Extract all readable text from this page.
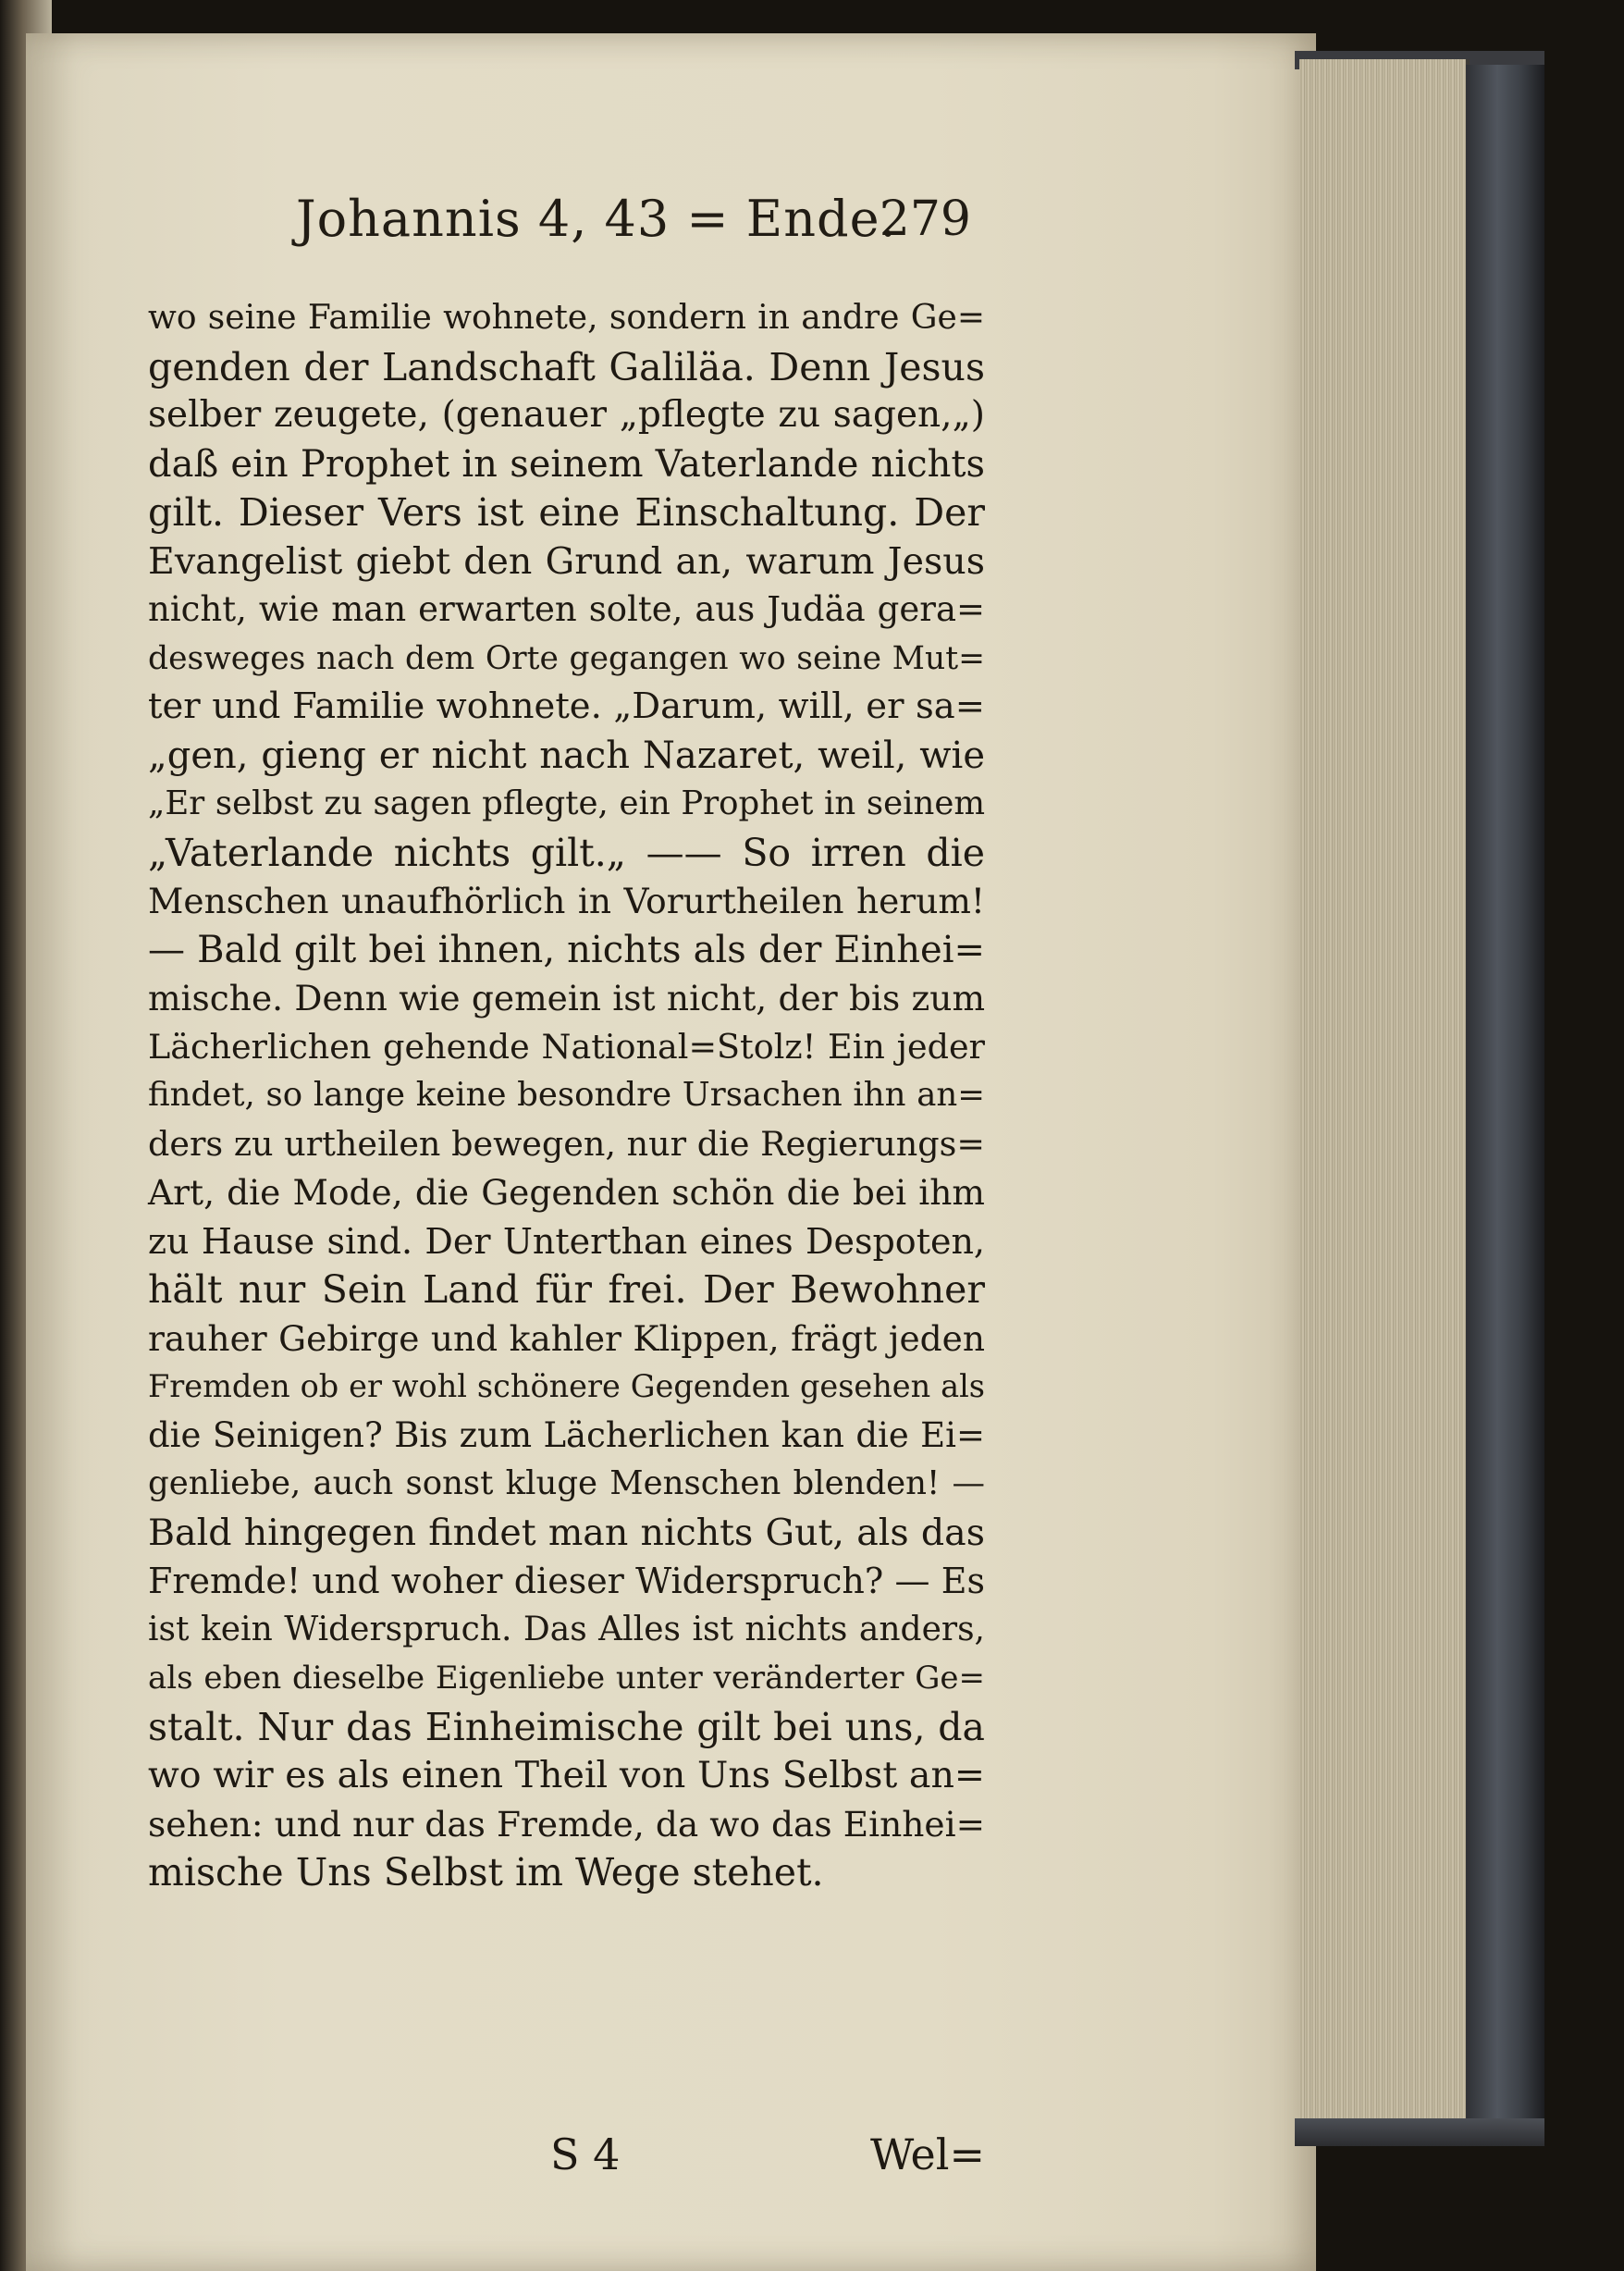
Johannis 4, 43 = Ende.
279
wo seine Familie wohnete, sondern in andre Ge=
genden der Landschaft Galiläa. Denn Jesus
selber zeugete, (genauer „pflegte zu sagen,„)
daß ein Prophet in seinem Vaterlande nichts
gilt. Dieser Vers ist eine Einschaltung. Der
Evangelist giebt den Grund an, warum Jesus
nicht, wie man erwarten solte, aus Judäa gera=
desweges nach dem Orte gegangen wo seine Mut=
ter und Familie wohnete. „Darum, will, er sa=
„gen, gieng er nicht nach Nazaret, weil, wie
„Er selbst zu sagen pflegte, ein Prophet in seinem
„Vaterlande nichts gilt.„ —— So irren die
Menschen unaufhörlich in Vorurtheilen herum!
— Bald gilt bei ihnen, nichts als der Einhei=
mische. Denn wie gemein ist nicht, der bis zum
Lächerlichen gehende National=Stolz! Ein jeder
findet, so lange keine besondre Ursachen ihn an=
ders zu urtheilen bewegen, nur die Regierungs=
Art, die Mode, die Gegenden schön die bei ihm
zu Hause sind. Der Unterthan eines Despoten,
hält nur Sein Land für frei. Der Bewohner
rauher Gebirge und kahler Klippen, frägt jeden
Fremden ob er wohl schönere Gegenden gesehen als
die Seinigen? Bis zum Lächerlichen kan die Ei=
genliebe, auch sonst kluge Menschen blenden! —
Bald hingegen findet man nichts Gut, als das
Fremde! und woher dieser Widerspruch? — Es
ist kein Widerspruch. Das Alles ist nichts anders,
als eben dieselbe Eigenliebe unter veränderter Ge=
stalt. Nur das Einheimische gilt bei uns, da
wo wir es als einen Theil von Uns Selbst an=
sehen: und nur das Fremde, da wo das Einhei=
mische Uns Selbst im Wege stehet.
S 4	Wel=
